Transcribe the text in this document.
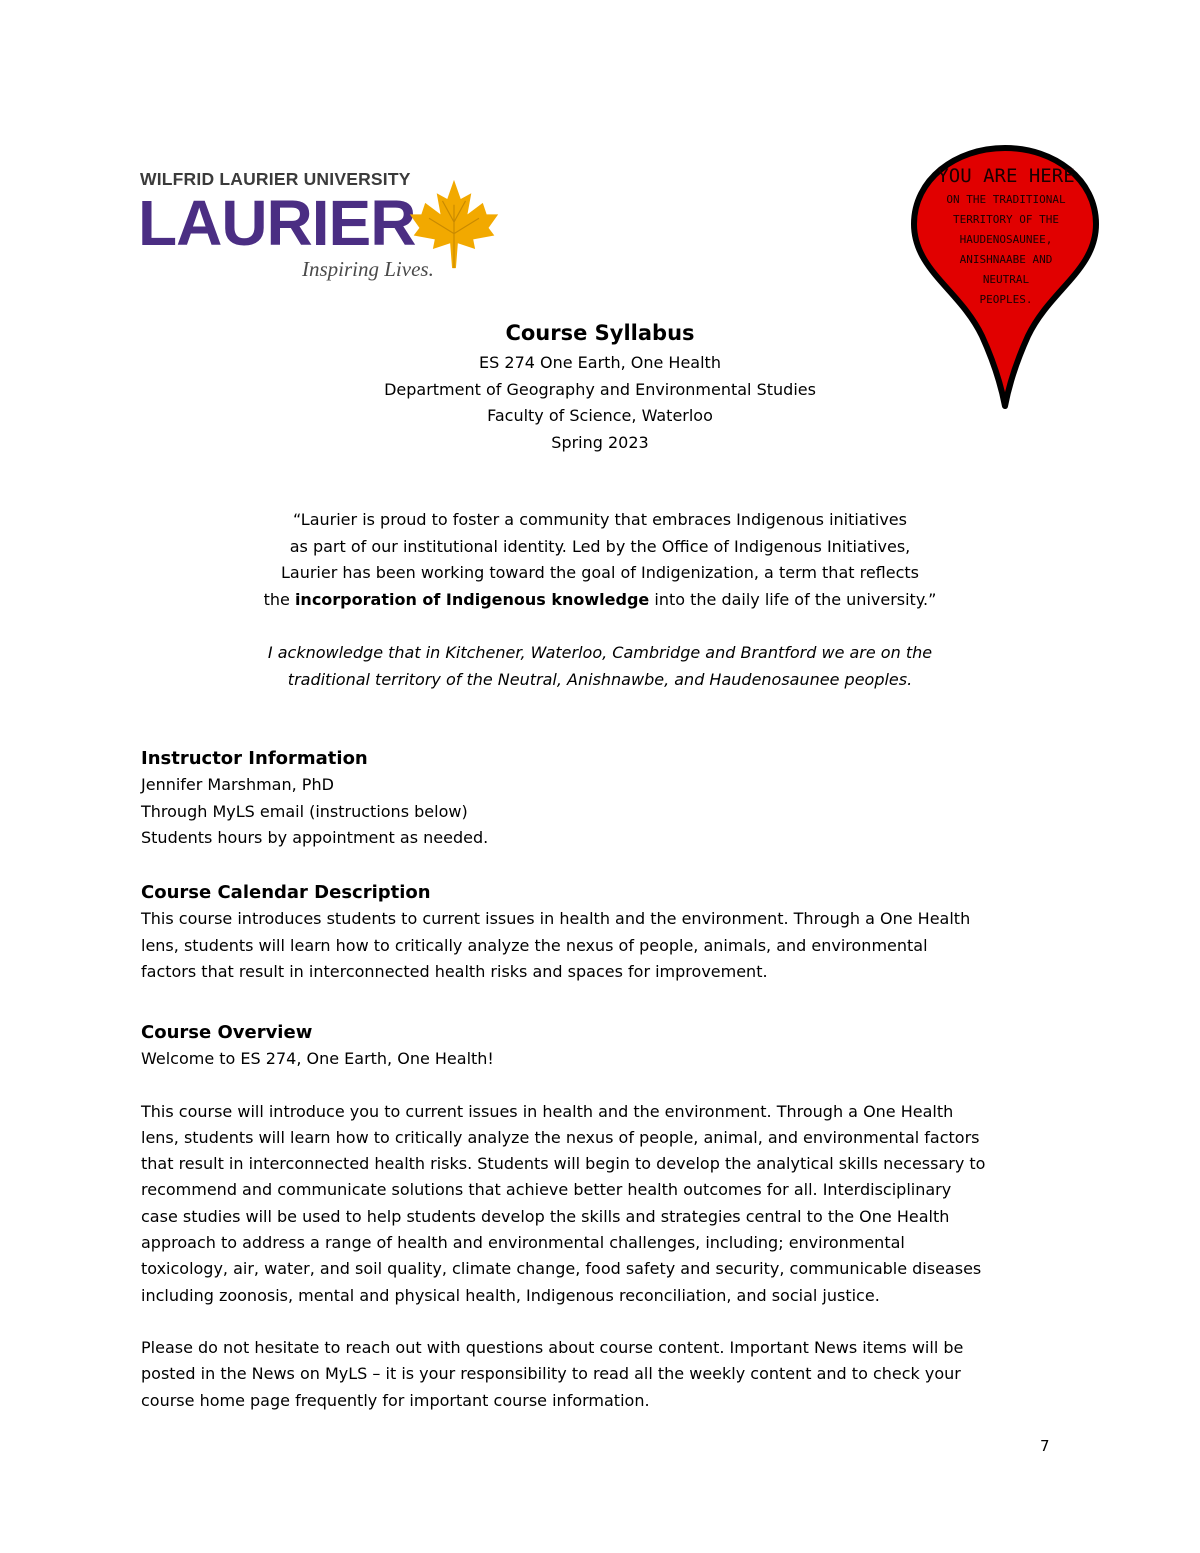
WILFRID LAURIER UNIVERSITY
LAURIER
Inspiring Lives.
YOU ARE HERE
ON THE TRADITIONAL
TERRITORY OF THE
HAUDENOSAUNEE,
ANISHNAABE AND
NEUTRAL
PEOPLES.
Course Syllabus
ES 274 One Earth, One Health
Department of Geography and Environmental Studies
Faculty of Science, Waterloo
Spring 2023
“Laurier is proud to foster a community that embraces Indigenous initiatives
as part of our institutional identity. Led by the Office of Indigenous Initiatives,
Laurier has been working toward the goal of Indigenization, a term that reflects
the incorporation of Indigenous knowledge into the daily life of the university.”
I acknowledge that in Kitchener, Waterloo, Cambridge and Brantford we are on the
traditional territory of the Neutral, Anishnawbe, and Haudenosaunee peoples.
Instructor Information
Jennifer Marshman, PhD
Through MyLS email (instructions below)
Students hours by appointment as needed.
Course Calendar Description
This course introduces students to current issues in health and the environment. Through a One Health
lens, students will learn how to critically analyze the nexus of people, animals, and environmental
factors that result in interconnected health risks and spaces for improvement.
Course Overview
Welcome to ES 274, One Earth, One Health!
This course will introduce you to current issues in health and the environment. Through a One Health
lens, students will learn how to critically analyze the nexus of people, animal, and environmental factors
that result in interconnected health risks. Students will begin to develop the analytical skills necessary to
recommend and communicate solutions that achieve better health outcomes for all. Interdisciplinary
case studies will be used to help students develop the skills and strategies central to the One Health
approach to address a range of health and environmental challenges, including; environmental
toxicology, air, water, and soil quality, climate change, food safety and security, communicable diseases
including zoonosis, mental and physical health, Indigenous reconciliation, and social justice.
Please do not hesitate to reach out with questions about course content. Important News items will be
posted in the News on MyLS – it is your responsibility to read all the weekly content and to check your
course home page frequently for important course information.
7
